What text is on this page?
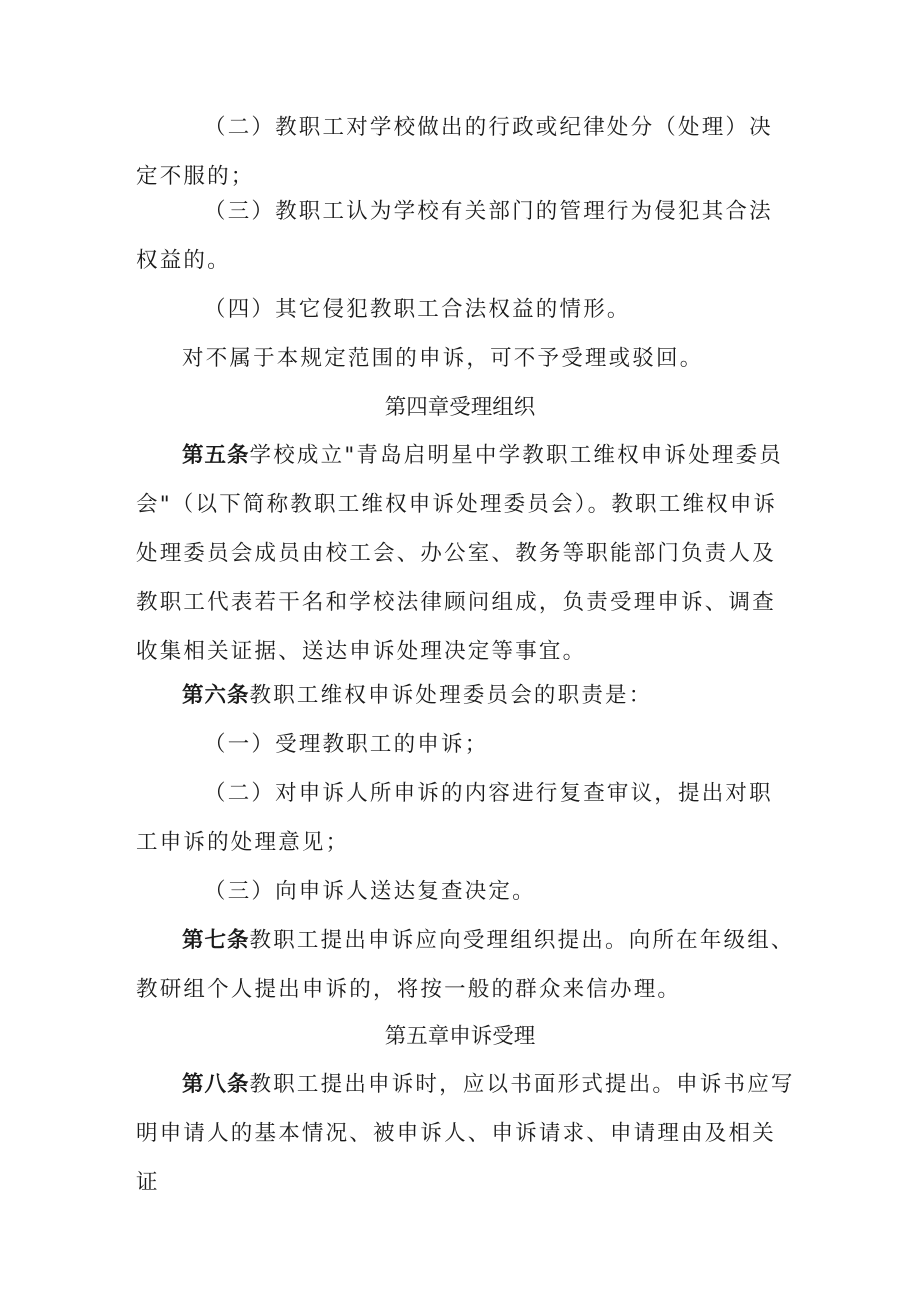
（二）教职工对学校做出的行政或纪律处分（处理）决定不服的；

（三）教职工认为学校有关部门的管理行为侵犯其合法权益的。

（四）其它侵犯教职工合法权益的情形。

对不属于本规定范围的申诉，可不予受理或驳回。

第四章受理组织

第五条学校成立"青岛启明星中学教职工维权申诉处理委员会"（以下简称教职工维权申诉处理委员会）。教职工维权申诉处理委员会成员由校工会、办公室、教务等职能部门负责人及教职工代表若干名和学校法律顾问组成，负责受理申诉、调查收集相关证据、送达申诉处理决定等事宜。

第六条教职工维权申诉处理委员会的职责是：

（一）受理教职工的申诉；

（二）对申诉人所申诉的内容进行复查审议，提出对职工申诉的处理意见；

（三）向申诉人送达复查决定。

第七条教职工提出申诉应向受理组织提出。向所在年级组、教研组个人提出申诉的，将按一般的群众来信办理。

第五章申诉受理

第八条教职工提出申诉时，应以书面形式提出。申诉书应写明申请人的基本情况、被申诉人、申诉请求、申请理由及相关证
